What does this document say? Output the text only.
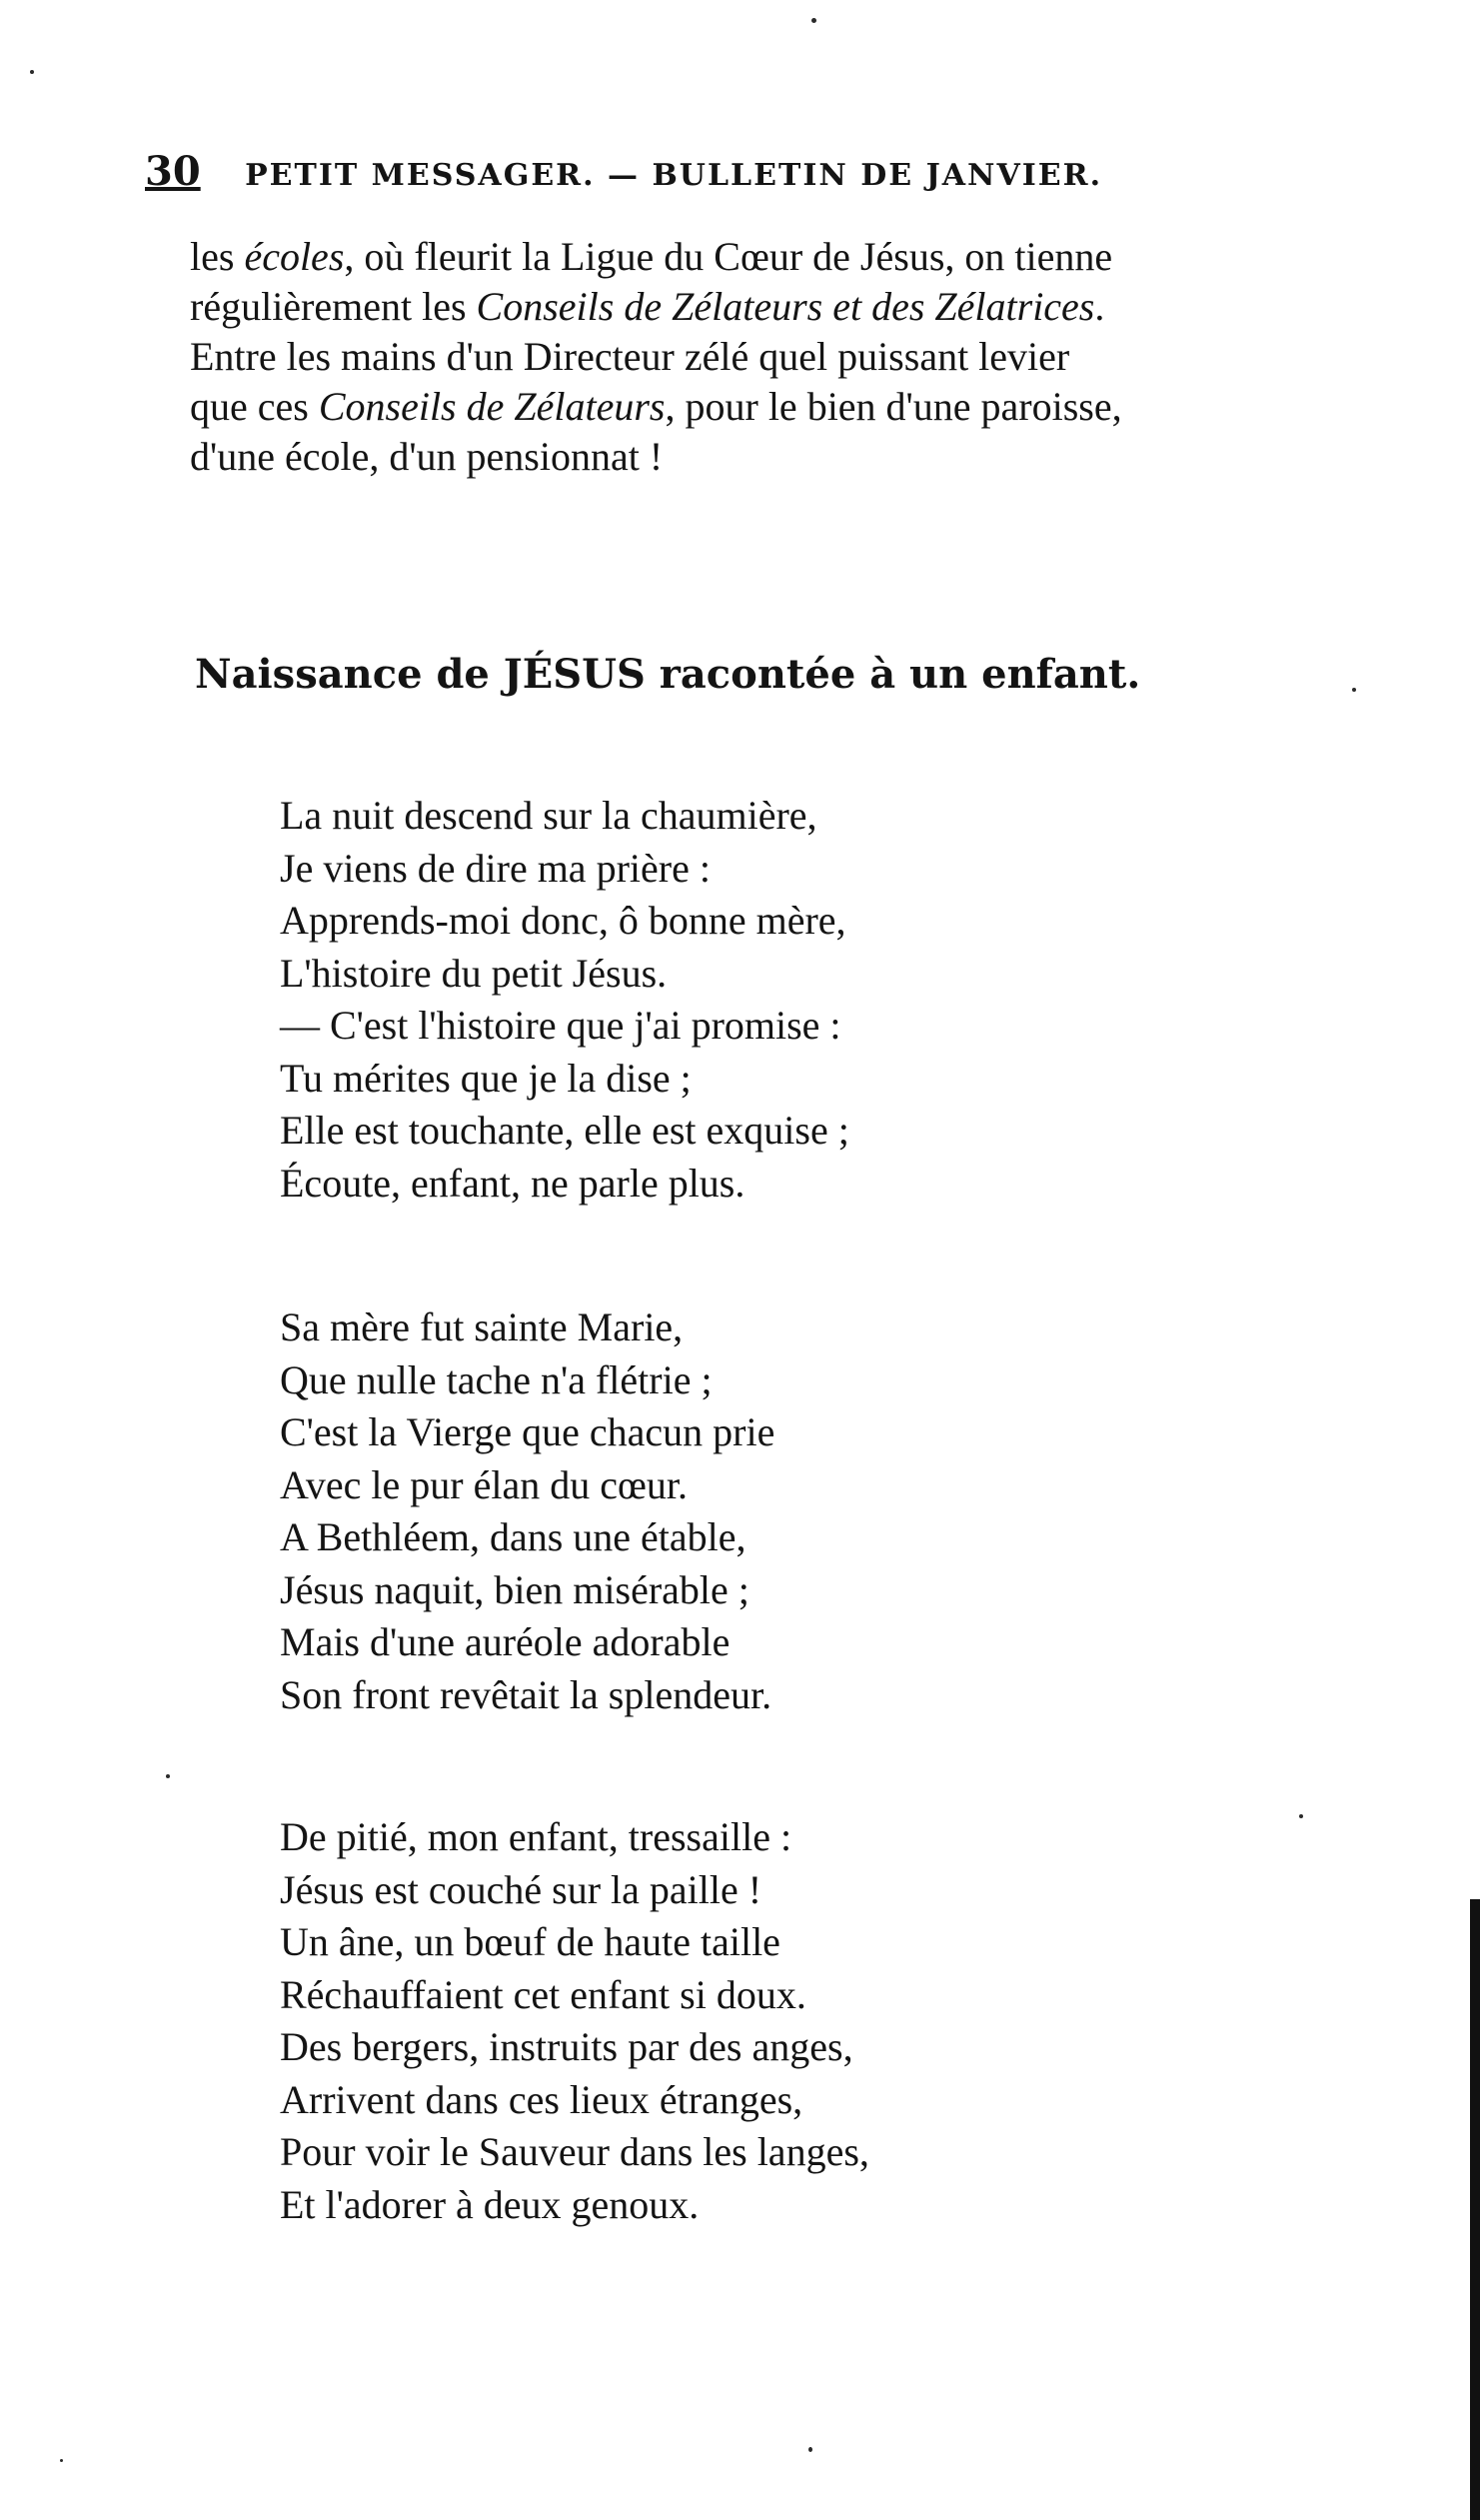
30 PETIT MESSAGER. — BULLETIN DE JANVIER.
les écoles, où fleurit la Ligue du Cœur de Jésus, on tienne
régulièrement les Conseils de Zélateurs et des Zélatrices.
Entre les mains d'un Directeur zélé quel puissant levier
que ces Conseils de Zélateurs, pour le bien d'une paroisse,
d'une école, d'un pensionnat !
Naissance de JÉSUS racontée à un enfant.
La nuit descend sur la chaumière,
Je viens de dire ma prière :
Apprends-moi donc, ô bonne mère,
L'histoire du petit Jésus.
— C'est l'histoire que j'ai promise :
Tu mérites que je la dise ;
Elle est touchante, elle est exquise ;
Écoute, enfant, ne parle plus.
Sa mère fut sainte Marie,
Que nulle tache n'a flétrie ;
C'est la Vierge que chacun prie
Avec le pur élan du cœur.
A Bethléem, dans une étable,
Jésus naquit, bien misérable ;
Mais d'une auréole adorable
Son front revêtait la splendeur.
De pitié, mon enfant, tressaille :
Jésus est couché sur la paille !
Un âne, un bœuf de haute taille
Réchauffaient cet enfant si doux.
Des bergers, instruits par des anges,
Arrivent dans ces lieux étranges,
Pour voir le Sauveur dans les langes,
Et l'adorer à deux genoux.
